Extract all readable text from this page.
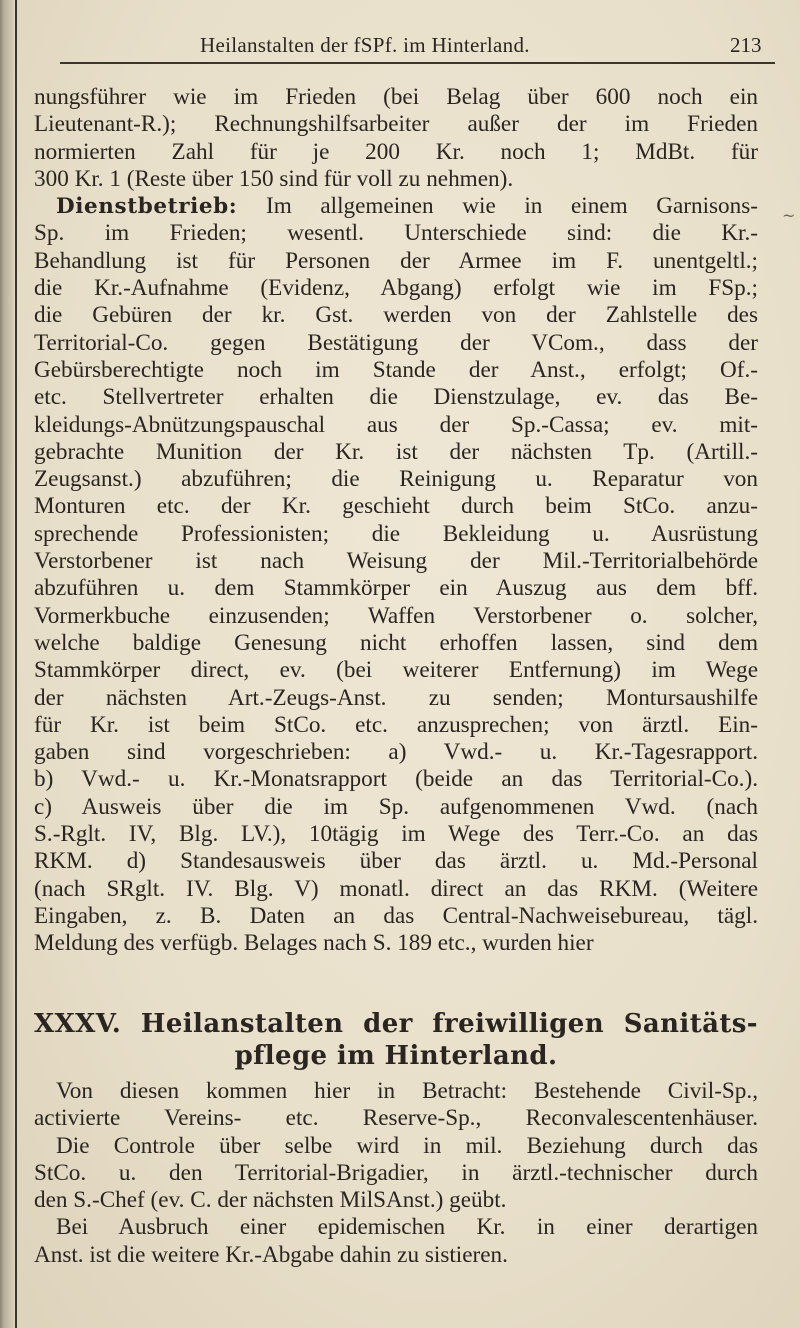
Heilanstalten der fSPf. im Hinterland.	213
~
nungsführer wie im Frieden (bei Belag über 600 noch ein
Lieutenant-R.); Rechnungshilfsarbeiter außer der im Frieden
normierten Zahl für je 200 Kr. noch 1; MdBt. für
300 Kr. 1 (Reste über 150 sind für voll zu nehmen).
Dienstbetrieb: Im allgemeinen wie in einem Garnisons-
Sp. im Frieden; wesentl. Unterschiede sind: die Kr.-
Behandlung ist für Personen der Armee im F. unentgeltl.;
die Kr.-Aufnahme (Evidenz, Abgang) erfolgt wie im FSp.;
die Gebüren der kr. Gst. werden von der Zahlstelle des
Territorial-Co. gegen Bestätigung der VCom., dass der
Gebürsberechtigte noch im Stande der Anst., erfolgt; Of.-
etc. Stellvertreter erhalten die Dienstzulage, ev. das Be-
kleidungs-Abnützungspauschal aus der Sp.-Cassa; ev. mit-
gebrachte Munition der Kr. ist der nächsten Tp. (Artill.-
Zeugsanst.) abzuführen; die Reinigung u. Reparatur von
Monturen etc. der Kr. geschieht durch beim StCo. anzu-
sprechende Professionisten; die Bekleidung u. Ausrüstung
Verstorbener ist nach Weisung der Mil.-Territorialbehörde
abzuführen u. dem Stammkörper ein Auszug aus dem bff.
Vormerkbuche einzusenden; Waffen Verstorbener o. solcher,
welche baldige Genesung nicht erhoffen lassen, sind dem
Stammkörper direct, ev. (bei weiterer Entfernung) im Wege
der nächsten Art.-Zeugs-Anst. zu senden; Montursaushilfe
für Kr. ist beim StCo. etc. anzusprechen; von ärztl. Ein-
gaben sind vorgeschrieben: a) Vwd.- u. Kr.-Tagesrapport.
b) Vwd.- u. Kr.-Monatsrapport (beide an das Territorial-Co.).
c) Ausweis über die im Sp. aufgenommenen Vwd. (nach
S.-Rglt. IV, Blg. LV.), 10tägig im Wege des Terr.-Co. an das
RKM. d) Standesausweis über das ärztl. u. Md.-Personal
(nach SRglt. IV. Blg. V) monatl. direct an das RKM. (Weitere
Eingaben, z. B. Daten an das Central-Nachweisebureau, tägl.
Meldung des verfügb. Belages nach S. 189 etc., wurden hier
XXXV. Heilanstalten der freiwilligen Sanitäts-
pflege im Hinterland.
Von diesen kommen hier in Betracht: Bestehende Civil-Sp.,
activierte Vereins- etc. Reserve-Sp., Reconvalescentenhäuser.
Die Controle über selbe wird in mil. Beziehung durch das
StCo. u. den Territorial-Brigadier, in ärztl.-technischer durch
den S.-Chef (ev. C. der nächsten MilSAnst.) geübt.
Bei Ausbruch einer epidemischen Kr. in einer derartigen
Anst. ist die weitere Kr.-Abgabe dahin zu sistieren.
